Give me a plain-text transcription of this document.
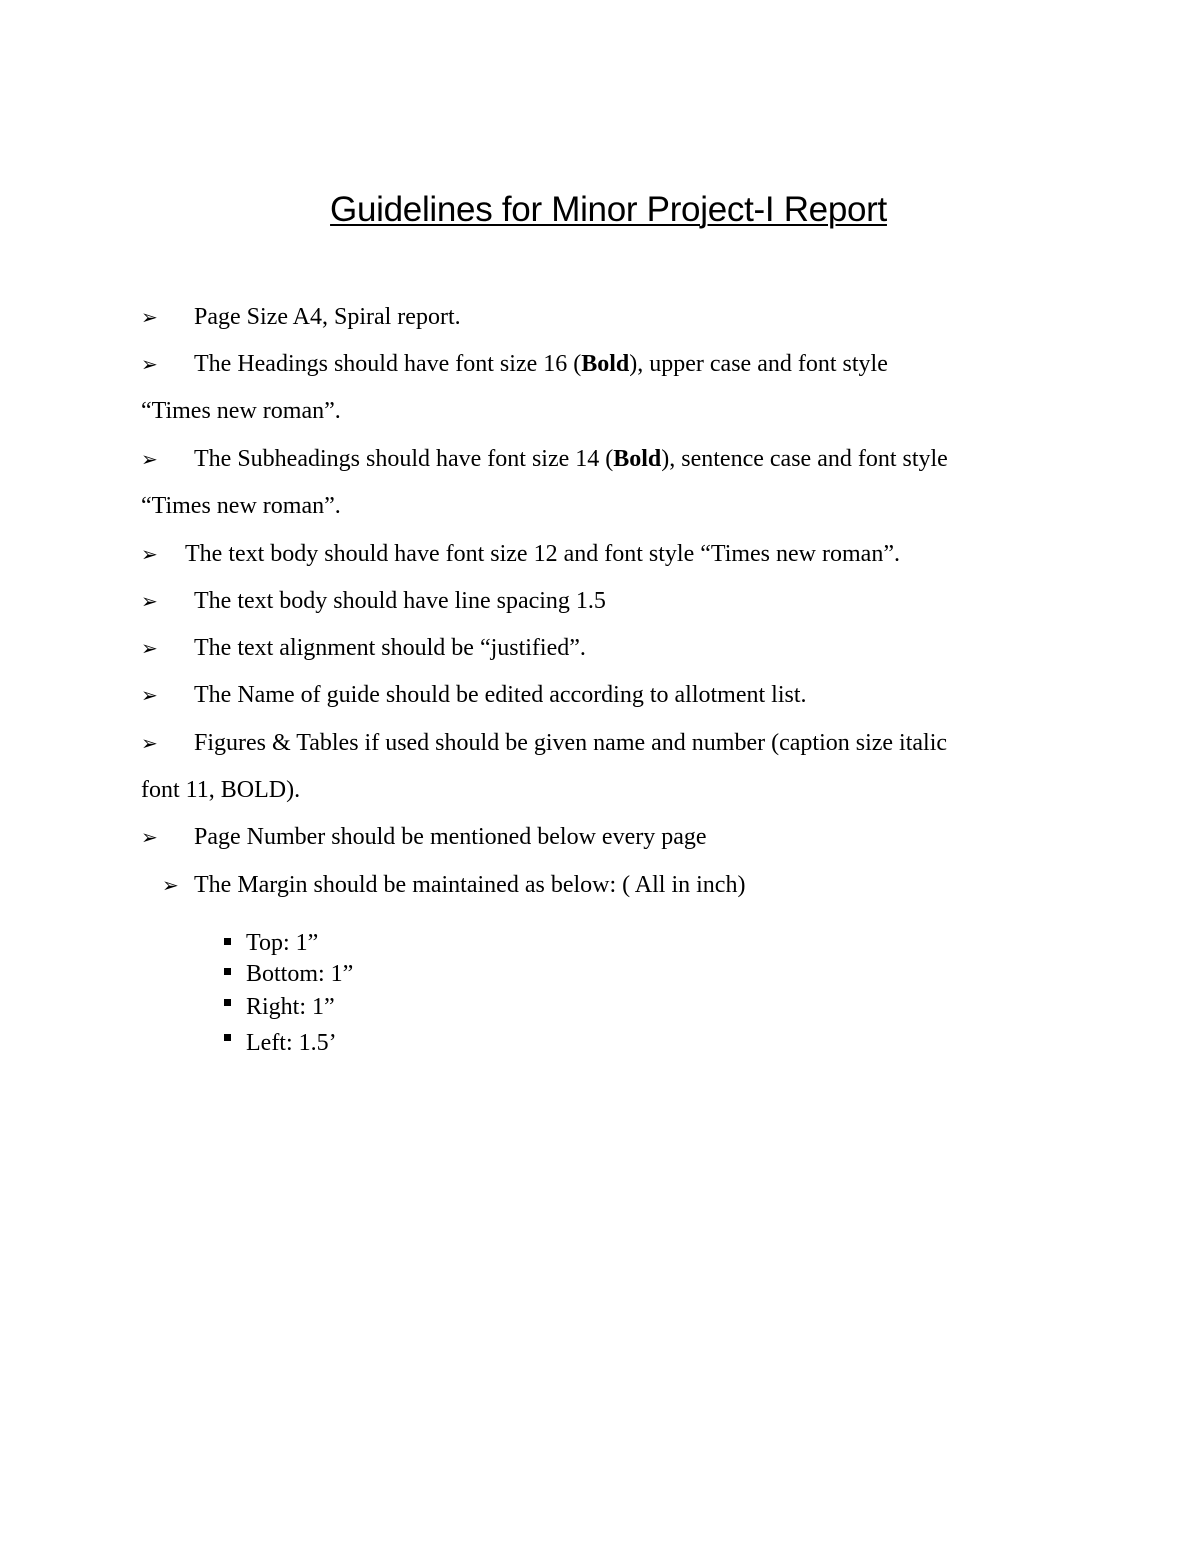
Guidelines for Minor Project-I Report
➢ Page Size A4, Spiral report.
➢ The Headings should have font size 16 (Bold), upper case and font style
“Times new roman”.
➢ The Subheadings should have font size 14 (Bold), sentence case and font style
“Times new roman”.
➢ The text body should have font size 12 and font style “Times new roman”.
➢ The text body should have line spacing 1.5
➢ The text alignment should be “justified”.
➢ The Name of guide should be edited according to allotment list.
➢ Figures & Tables if used should be given name and number (caption size italic
font 11, BOLD).
➢ Page Number should be mentioned below every page
➢ The Margin should be maintained as below: ( All in inch)
Top: 1”
Bottom: 1”
Right: 1”
Left: 1.5’
